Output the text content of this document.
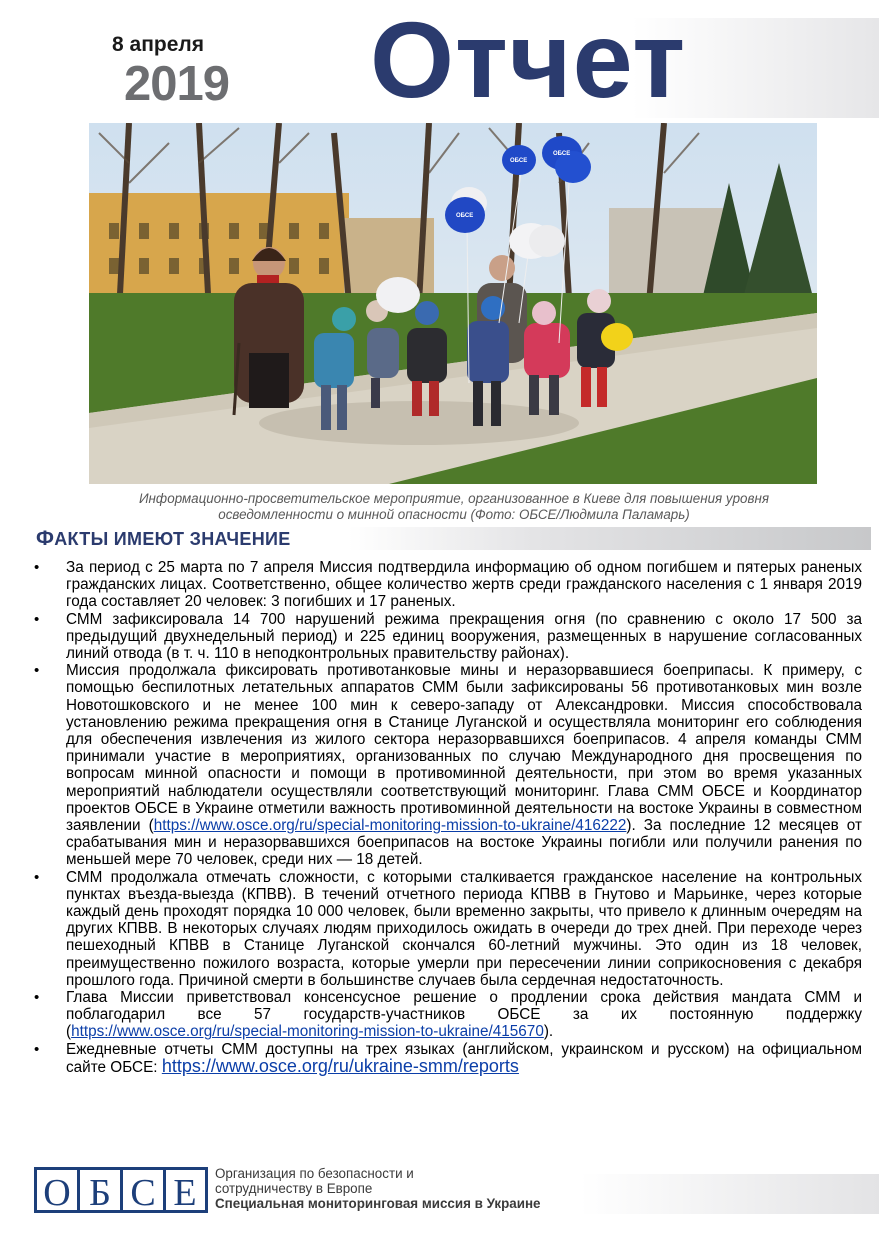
8 апреля
2019 Отчет
ОБСЕ
ОБСЕ
ОБСЕ
Информационно-просветительское мероприятие, организованное в Киеве для повышения уровня
осведомленности о минной опасности (Фото: ОБСЕ/Людмила Паламарь)
ФАКТЫ ИМЕЮТ ЗНАЧЕНИЕ
• За период с 25 марта по 7 апреля Миссия подтвердила информацию об одном погибшем и пятерых раненых гражданских лицах. Соответственно, общее количество жертв среди гражданского населения с 1 января 2019 года составляет 20 человек: 3 погибших и 17 раненых.
• СММ зафиксировала 14 700 нарушений режима прекращения огня (по сравнению с около 17 500 за предыдущий двухнедельный период) и 225 единиц вооружения, размещенных в нарушение согласованных линий отвода (в т. ч. 110 в неподконтрольных правительству районах).
• Миссия продолжала фиксировать противотанковые мины и неразорвавшиеся боеприпасы. К примеру, с помощью беспилотных летательных аппаратов СММ были зафиксированы 56 противотанковых мин возле Новотошковского и не менее 100 мин к северо‐западу от Александровки. Миссия способствовала установлению режима прекращения огня в Станице Луганской и осуществляла мониторинг его соблюдения для обеспечения извлечения из жилого сектора неразорвавшихся боеприпасов. 4 апреля команды СММ принимали участие в мероприятиях, организованных по случаю Международного дня просвещения по вопросам минной опасности и помощи в противоминной деятельности, при этом во время указанных мероприятий наблюдатели осуществляли соответствующий мониторинг. Глава СММ ОБСЕ и Координатор проектов ОБСЕ в Украине отметили важность противоминной деятельности на востоке Украины в совместном заявлении (https://www.osce.org/ru/special-monitoring-mission-to-ukraine/416222). За последние 12 месяцев от срабатывания мин и неразорвавшихся боеприпасов на востоке Украины погибли или получили ранения по меньшей мере 70 человек, среди них — 18 детей.
• СММ продолжала отмечать сложности, с которыми сталкивается гражданское население на контрольных пунктах въезда‐выезда (КПВВ). В течений отчетного периода КПВВ в Гнутово и Марьинке, через которые каждый день проходят порядка 10 000 человек, были временно закрыты, что привело к длинным очередям на других КПВВ. В некоторых случаях людям приходилось ожидать в очереди до трех дней. При переходе через пешеходный КПВВ в Станице Луганской скончался 60‐летний мужчины. Это один из 18 человек, преимущественно пожилого возраста, которые умерли при пересечении линии соприкосновения с декабря прошлого года. Причиной смерти в большинстве случаев была сердечная недостаточность.
• Глава Миссии приветствовал консенсусное решение о продлении срока действия мандата СММ и поблагодарил все 57 государств‐участников ОБСЕ за их постоянную поддержку (https://www.osce.org/ru/special-monitoring-mission-to-ukraine/415670).
• Ежедневные отчеты СММ доступны на трех языках (английском, украинском и русском) на официальном сайте ОБСЕ: https://www.osce.org/ru/ukraine-smm/reports
О Б С Е Организация по безопасности и
сотрудничеству в Европе
Специальная мониторинговая миссия в Украине
